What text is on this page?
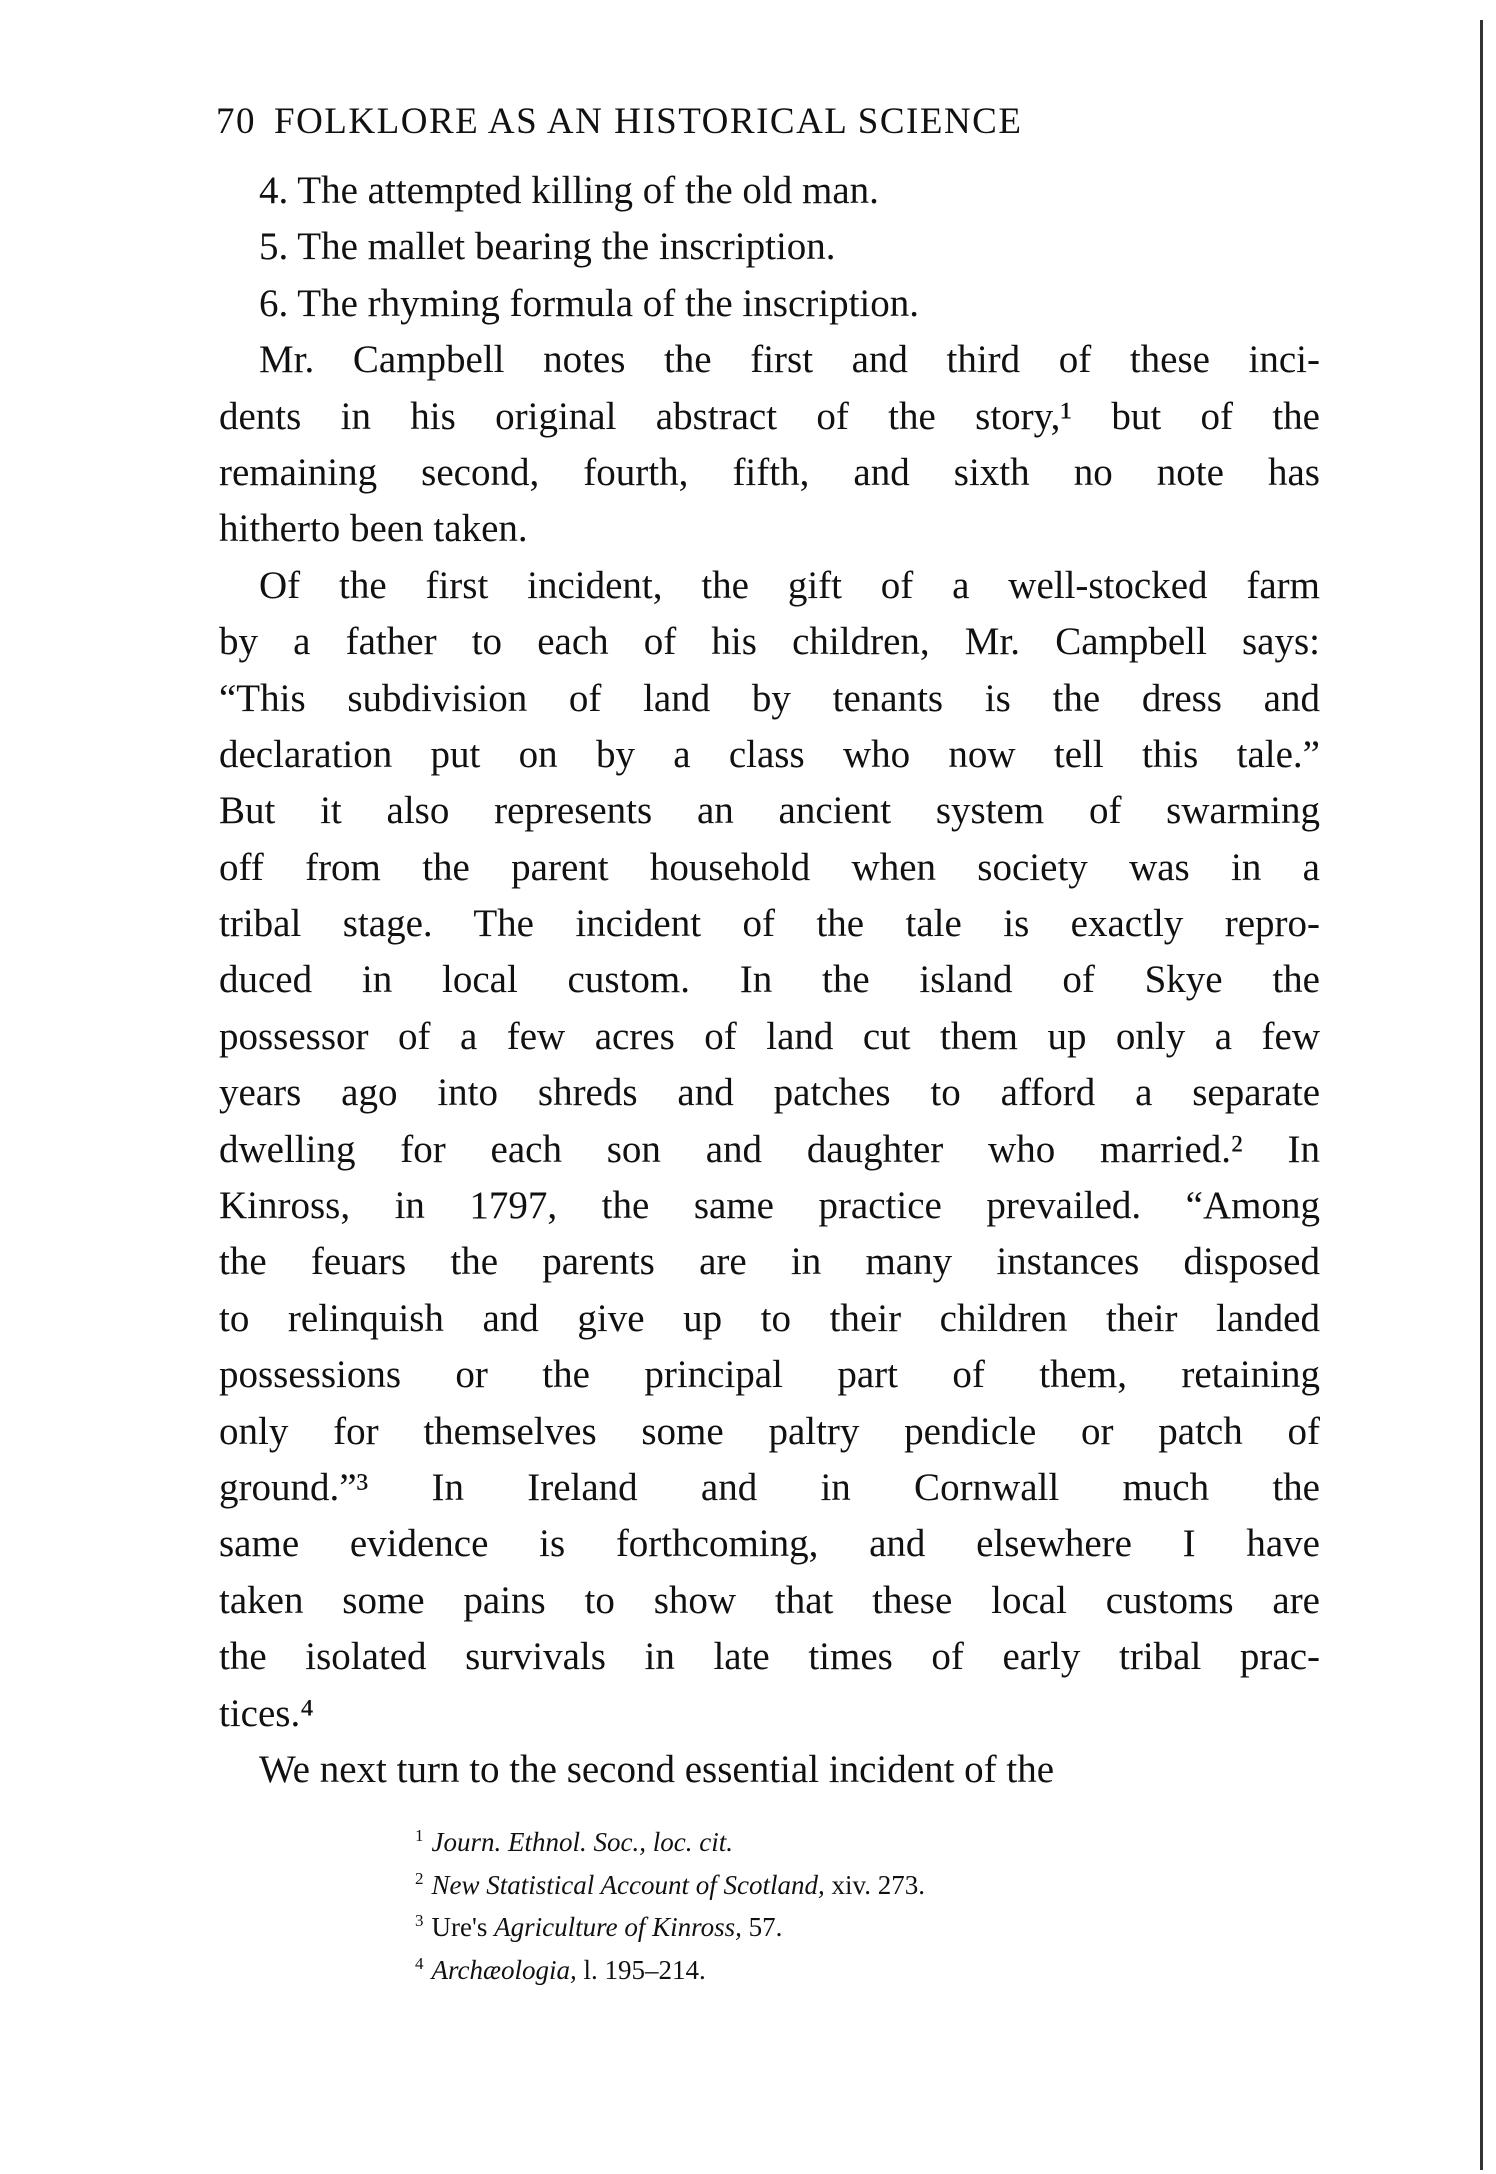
70 FOLKLORE AS AN HISTORICAL SCIENCE
4. The attempted killing of the old man.
5. The mallet bearing the inscription.
6. The rhyming formula of the inscription.
Mr. Campbell notes the first and third of these inci-
dents in his original abstract of the story,¹ but of the
remaining second, fourth, fifth, and sixth no note has
hitherto been taken.
Of the first incident, the gift of a well-stocked farm
by a father to each of his children, Mr. Campbell says:
“This subdivision of land by tenants is the dress and
declaration put on by a class who now tell this tale.”
But it also represents an ancient system of swarming
off from the parent household when society was in a
tribal stage. The incident of the tale is exactly repro-
duced in local custom. In the island of Skye the
possessor of a few acres of land cut them up only a few
years ago into shreds and patches to afford a separate
dwelling for each son and daughter who married.² In
Kinross, in 1797, the same practice prevailed. “Among
the feuars the parents are in many instances disposed
to relinquish and give up to their children their landed
possessions or the principal part of them, retaining
only for themselves some paltry pendicle or patch of
ground.”³ In Ireland and in Cornwall much the
same evidence is forthcoming, and elsewhere I have
taken some pains to show that these local customs are
the isolated survivals in late times of early tribal prac-
tices.⁴
We next turn to the second essential incident of the
$^1$ Journ. Ethnol. Soc., loc. cit.
$^2$ New Statistical Account of Scotland, xiv. 273.
$^3$ Ure's Agriculture of Kinross, 57.
$^4$ Archæologia, l. 195–214.
